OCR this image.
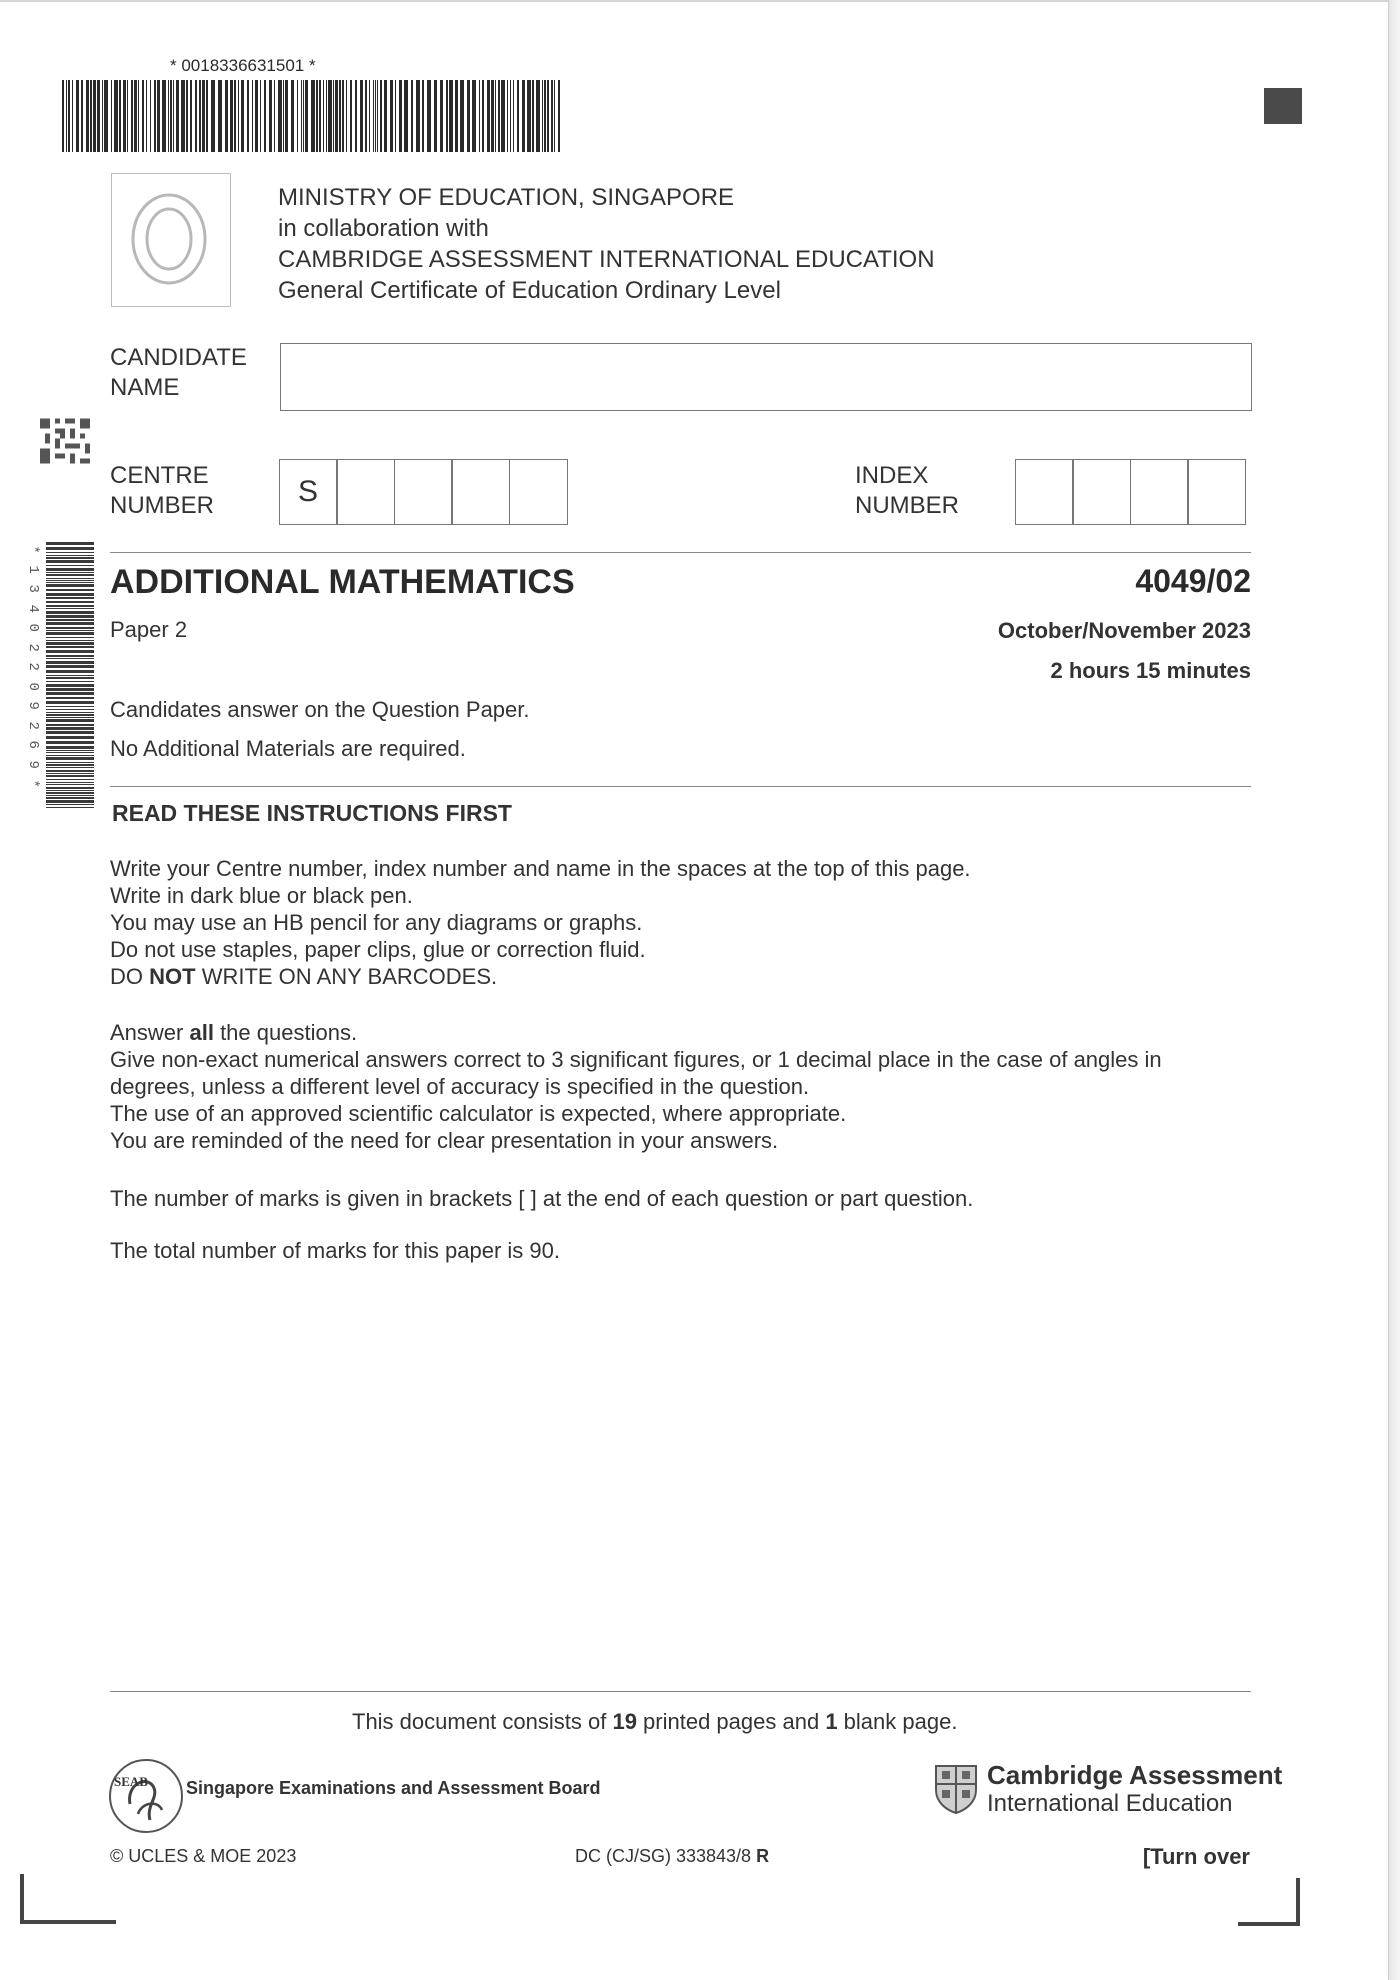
* 0018336631501 *
MINISTRY OF EDUCATION, SINGAPORE
in collaboration with
CAMBRIDGE ASSESSMENT INTERNATIONAL EDUCATION
General Certificate of Education Ordinary Level
CANDIDATE
NAME
CENTRE
NUMBER	S	INDEX
NUMBER
*
1
3
4
0
2
2
0
9
2
6
9
*
ADDITIONAL MATHEMATICS	4049/02
Paper 2	October/November 2023
2 hours 15 minutes
Candidates answer on the Question Paper.
No Additional Materials are required.
READ THESE INSTRUCTIONS FIRST
Write your Centre number, index number and name in the spaces at the top of this page.
Write in dark blue or black pen.
You may use an HB pencil for any diagrams or graphs.
Do not use staples, paper clips, glue or correction fluid.
DO NOT WRITE ON ANY BARCODES.
Answer all the questions.
Give non-exact numerical answers correct to 3 significant figures, or 1 decimal place in the case of angles in
degrees, unless a different level of accuracy is specified in the question.
The use of an approved scientific calculator is expected, where appropriate.
You are reminded of the need for clear presentation in your answers.
The number of marks is given in brackets [ ] at the end of each question or part question.
The total number of marks for this paper is 90.
This document consists of 19 printed pages and 1 blank page.
SEAB Singapore Examinations and Assessment Board	Cambridge Assessment
International Education
© UCLES & MOE 2023	DC (CJ/SG) 333843/8 R	[Turn over
